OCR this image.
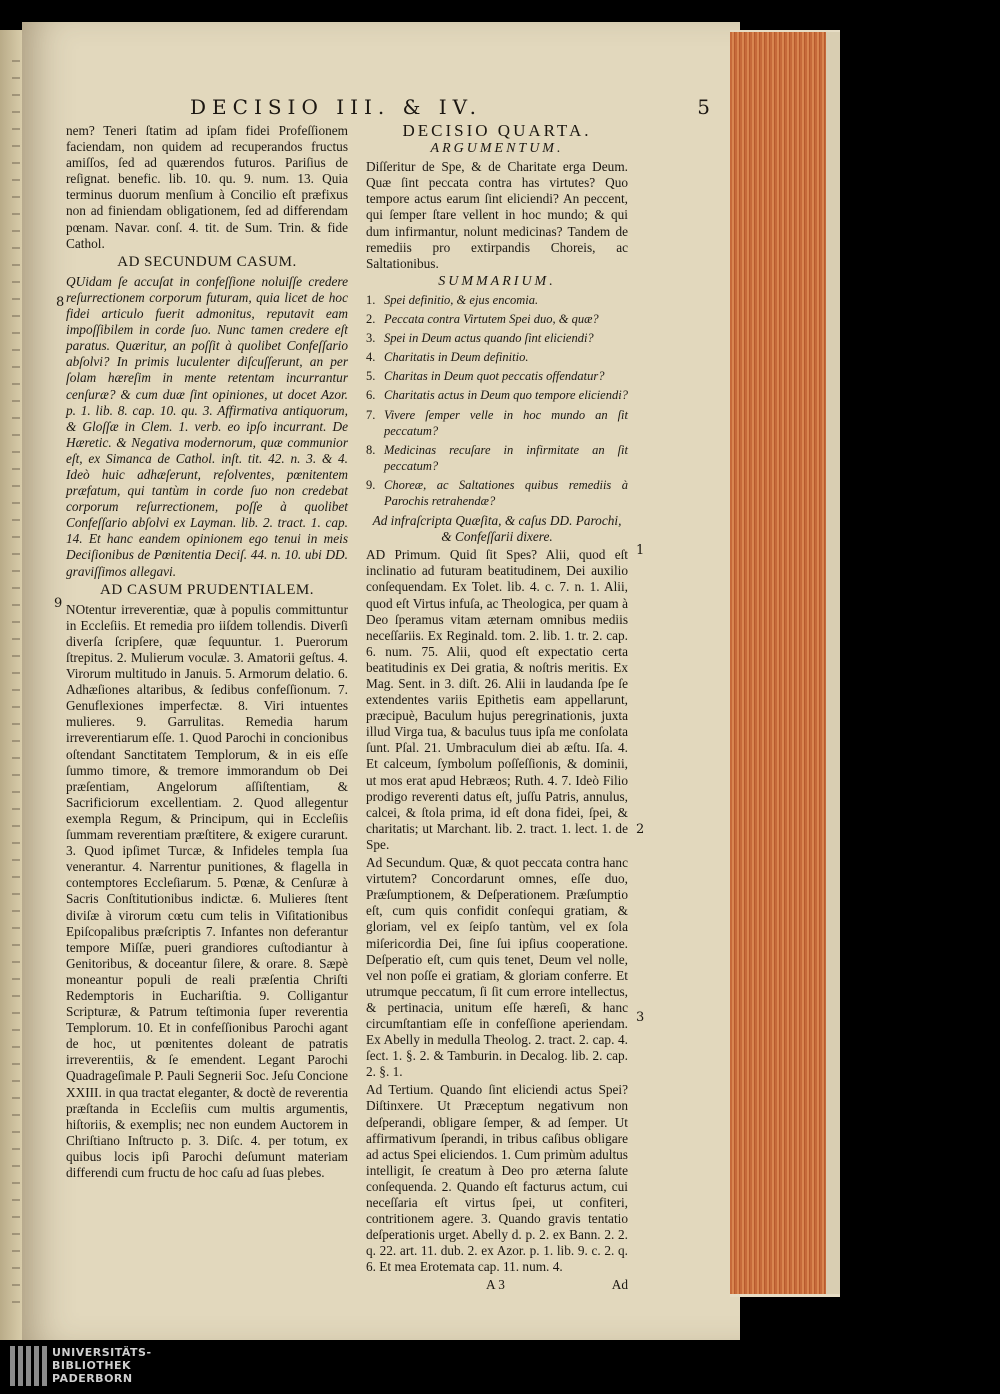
DECISIO III. & IV.	5
8
9
1
2
3

nem? Teneri ſtatim ad ipſam fidei Profeſſionem faciendam, non quidem ad recuperandos fructus amiſſos, ſed ad quærendos futuros. Pariſius de reſignat. benefic. lib. 10. qu. 9. num. 13. Quia terminus duorum menſium à Concilio eſt præfixus non ad finiendam obligationem, ſed ad differendam pœnam. Navar. conſ. 4. tit. de Sum. Trin. & fide Cathol.

AD SECUNDUM CASUM.

QUidam ſe accuſat in confeſſione noluiſſe credere reſurrectionem corporum futuram, quia licet de hoc fidei articulo fuerit admonitus, reputavit eam impoſſibilem in corde ſuo. Nunc tamen credere eſt paratus. Quæritur, an poſſit à quolibet Confeſſario abſolvi? In primis luculenter diſcuſſerunt, an per ſolam hæreſim in mente retentam incurrantur cenſuræ? & cum duæ ſint opiniones, ut docet Azor. p. 1. lib. 8. cap. 10. qu. 3. Affirmativa antiquorum, & Gloſſæ in Clem. 1. verb. eo ipſo incurrant. De Hæretic. & Negativa modernorum, quæ communior eſt, ex Simanca de Cathol. inſt. tit. 42. n. 3. & 4. Ideò huic adhæſerunt, reſolventes, pœnitentem præfatum, qui tantùm in corde ſuo non credebat corporum reſurrectionem, poſſe à quolibet Confeſſario abſolvi ex Layman. lib. 2. tract. 1. cap. 14. Et hanc eandem opinionem ego tenui in meis Deciſionibus de Pœnitentia Deciſ. 44. n. 10. ubi DD. graviſſimos allegavi.

AD CASUM PRUDENTIALEM.

NOtentur irreverentiæ, quæ à populis committuntur in Eccleſiis. Et remedia pro iiſdem tollendis. Diverſi diverſa ſcripſere, quæ ſequuntur. 1. Puerorum ſtrepitus. 2. Mulierum voculæ. 3. Amatorii geſtus. 4. Virorum multitudo in Januis. 5. Armorum delatio. 6. Adhæſiones altaribus, & ſedibus confeſſionum. 7. Genuflexiones imperfectæ. 8. Viri intuentes mulieres. 9. Garrulitas. Remedia harum irreverentiarum eſſe. 1. Quod Parochi in concionibus oſtendant Sanctitatem Templorum, & in eis eſſe ſummo timore, & tremore immorandum ob Dei præſentiam, Angelorum aſſiſtentiam, & Sacrificiorum excellentiam. 2. Quod allegentur exempla Regum, & Principum, qui in Eccleſiis ſummam reverentiam præſtitere, & exigere curarunt. 3. Quod ipſimet Turcæ, & Infideles templa ſua venerantur. 4. Narrentur punitiones, & flagella in contemptores Eccleſiarum. 5. Pœnæ, & Cenſuræ à Sacris Conſtitutionibus indictæ. 6. Mulieres ſtent diviſæ à virorum cœtu cum telis in Viſitationibus Epiſcopalibus præſcriptis 7. Infantes non deferantur tempore Miſſæ, pueri grandiores cuſtodiantur à Genitoribus, & doceantur ſilere, & orare. 8. Sæpè moneantur populi de reali præſentia Chriſti Redemptoris in Euchariſtia. 9. Colligantur Scripturæ, & Patrum teſtimonia ſuper reverentia Templorum. 10. Et in confeſſionibus Parochi agant de hoc, ut pœnitentes doleant de patratis irreverentiis, & ſe emendent. Legant Parochi Quadrageſimale P. Pauli Segnerii Soc. Jeſu Concione XXIII. in qua tractat eleganter, & doctè de reverentia præſtanda in Eccleſiis cum multis argumentis, hiſtoriis, & exemplis; nec non eundem Auctorem in Chriſtiano Inſtructo p. 3. Diſc. 4. per totum, ex quibus locis ipſi Parochi deſumunt materiam differendi cum fructu de hoc caſu ad ſuas plebes.

DECISIO QUARTA.
ARGUMENTUM.

Diſſeritur de Spe, & de Charitate erga Deum. Quæ ſint peccata contra has virtutes? Quo tempore actus earum ſint eliciendi? An peccent, qui ſemper ſtare vellent in hoc mundo; & qui dum infirmantur, nolunt medicinas? Tandem de remediis pro extirpandis Choreis, ac Saltationibus.

SUMMARIUM.
1. Spei definitio, & ejus encomia.
2. Peccata contra Virtutem Spei duo, & quæ?
3. Spei in Deum actus quando ſint eliciendi?
4. Charitatis in Deum definitio.
5. Charitas in Deum quot peccatis offendatur?
6. Charitatis actus in Deum quo tempore eliciendi?
7. Vivere ſemper velle in hoc mundo an ſit peccatum?
8. Medicinas recuſare in infirmitate an ſit peccatum?
9. Choreæ, ac Saltationes quibus remediis à Parochis retrahendæ?

Ad infraſcripta Quæſita, & caſus DD. Parochi, & Confeſſarii dixere.

AD Primum. Quid ſit Spes? Alii, quod eſt inclinatio ad futuram beatitudinem, Dei auxilio conſequendam. Ex Tolet. lib. 4. c. 7. n. 1. Alii, quod eſt Virtus infuſa, ac Theologica, per quam à Deo ſperamus vitam æternam omnibus mediis neceſſariis. Ex Reginald. tom. 2. lib. 1. tr. 2. cap. 6. num. 75. Alii, quod eſt expectatio certa beatitudinis ex Dei gratia, & noſtris meritis. Ex Mag. Sent. in 3. diſt. 26. Alii in laudanda ſpe ſe extendentes variis Epithetis eam appellarunt, præcipuè, Baculum hujus peregrinationis, juxta illud Virga tua, & baculus tuus ipſa me conſolata ſunt. Pſal. 21. Umbraculum diei ab æſtu. Iſa. 4. Et calceum, ſymbolum poſſeſſionis, & dominii, ut mos erat apud Hebræos; Ruth. 4. 7. Ideò Filio prodigo reverenti datus eſt, juſſu Patris, annulus, calcei, & ſtola prima, id eſt dona fidei, ſpei, & charitatis; ut Marchant. lib. 2. tract. 1. lect. 1. de Spe.

Ad Secundum. Quæ, & quot peccata contra hanc virtutem? Concordarunt omnes, eſſe duo, Præſumptionem, & Deſperationem. Præſumptio eſt, cum quis confidit conſequi gratiam, & gloriam, vel ex ſeipſo tantùm, vel ex ſola miſericordia Dei, ſine ſui ipſius cooperatione. Deſperatio eſt, cum quis tenet, Deum vel nolle, vel non poſſe ei gratiam, & gloriam conferre. Et utrumque peccatum, ſi ſit cum errore intellectus, & pertinacia, unitum eſſe hæreſi, & hanc circumſtantiam eſſe in confeſſione aperiendam. Ex Abelly in medulla Theolog. 2. tract. 2. cap. 4. ſect. 1. §. 2. & Tamburin. in Decalog. lib. 2. cap. 2. §. 1.

Ad Tertium. Quando ſint eliciendi actus Spei? Diſtinxere. Ut Præceptum negativum non deſperandi, obligare ſemper, & ad ſemper. Ut affirmativum ſperandi, in tribus caſibus obligare ad actus Spei eliciendos. 1. Cum primùm adultus intelligit, ſe creatum à Deo pro æterna ſalute conſequenda. 2. Quando eſt facturus actum, cui neceſſaria eſt virtus ſpei, ut confiteri, contritionem agere. 3. Quando gravis tentatio deſperationis urget. Abelly d. p. 2. ex Bann. 2. 2. q. 22. art. 11. dub. 2. ex Azor. p. 1. lib. 9. c. 2. q. 6. Et mea Erotemata cap. 11. num. 4.

A 3	Ad
UNIVERSITÄTS-
BIBLIOTHEK
PADERBORN
